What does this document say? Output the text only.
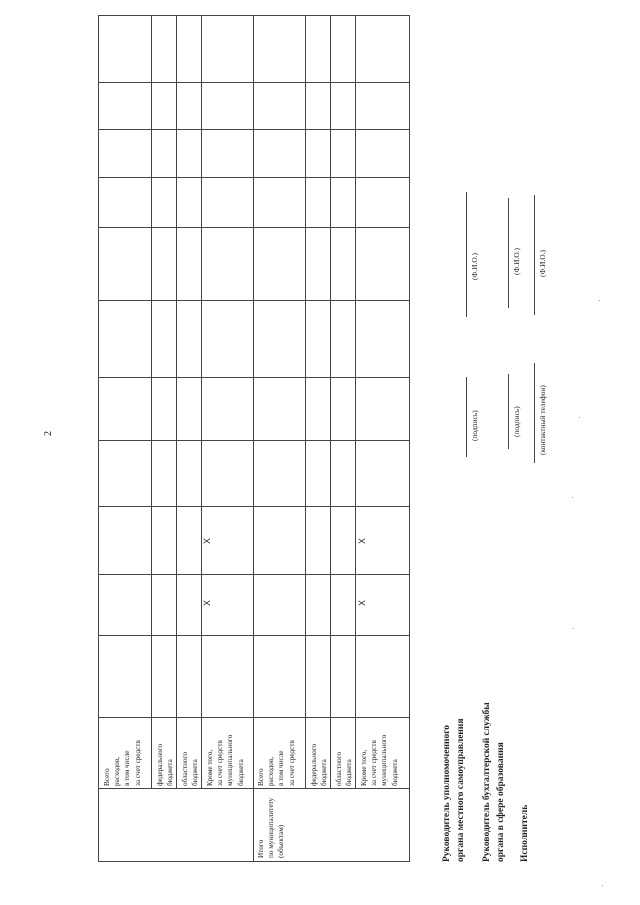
2
Всего
расходов,
в том числе
за счет средств федерального
бюджета областного
бюджета Кроме того,
за счет средств
муниципального
бюджета
Итого
по муниципалитету
(объектам)
Всего
расходов,
в том числе
за счет средств федерального
бюджета областного
бюджета Кроме того,
за счет средств
муниципального
бюджета
X
X
X
X
Руководитель уполномоченного
органа местного самоуправления
(подпись)
(Ф.И.О.)
Руководитель бухгалтерской службы
органа в сфере образования
(подпись)
(Ф.И.О.)
Исполнитель
(контактный телефон)
(Ф.И.О.)
